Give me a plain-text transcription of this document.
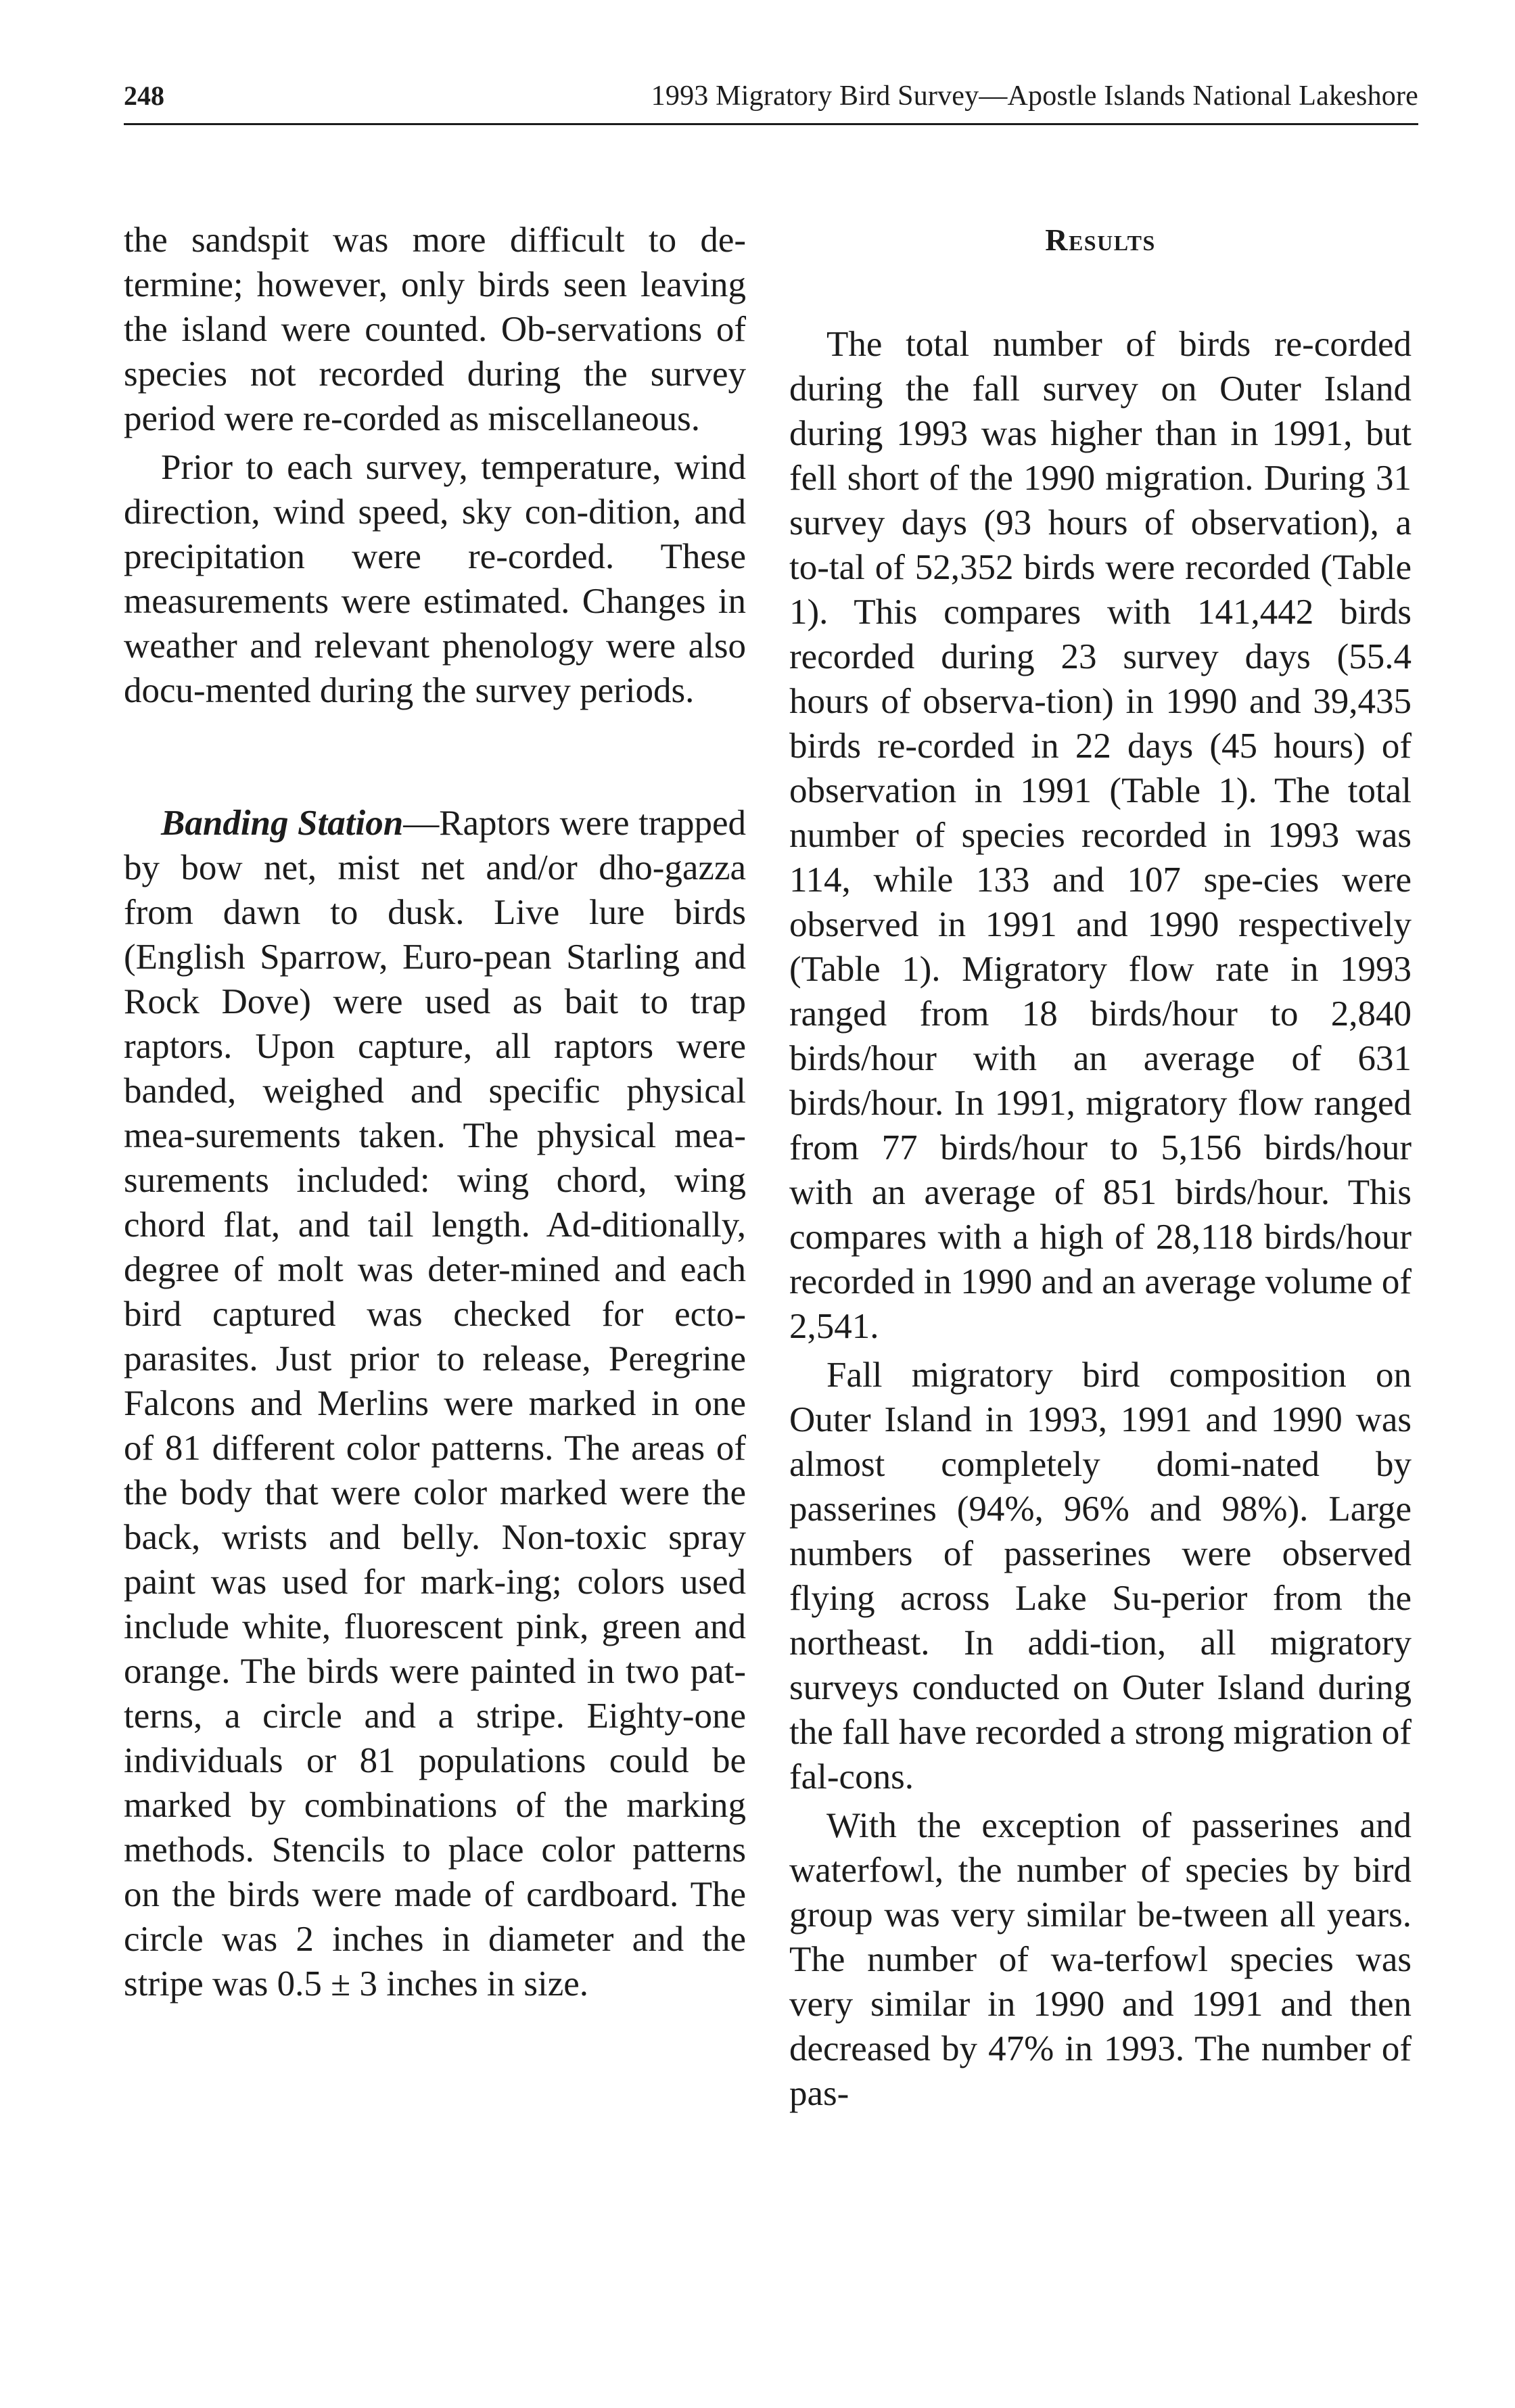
248	1993 Migratory Bird Survey—Apostle Islands National Lakeshore

the sandspit was more difficult to de-termine; however, only birds seen leaving the island were counted. Ob-servations of species not recorded during the survey period were re-corded as miscellaneous.

Prior to each survey, temperature, wind direction, wind speed, sky con-dition, and precipitation were re-corded. These measurements were estimated. Changes in weather and relevant phenology were also docu-mented during the survey periods.

Banding Station—Raptors were trapped by bow net, mist net and/or dho-gazza from dawn to dusk. Live lure birds (English Sparrow, Euro-pean Starling and Rock Dove) were used as bait to trap raptors. Upon capture, all raptors were banded, weighed and specific physical mea-surements taken. The physical mea-surements included: wing chord, wing chord flat, and tail length. Ad-ditionally, degree of molt was deter-mined and each bird captured was checked for ecto-parasites. Just prior to release, Peregrine Falcons and Merlins were marked in one of 81 different color patterns. The areas of the body that were color marked were the back, wrists and belly. Non-toxic spray paint was used for mark-ing; colors used include white, fluorescent pink, green and orange. The birds were painted in two pat-terns, a circle and a stripe. Eighty-one individuals or 81 populations could be marked by combinations of the marking methods. Stencils to place color patterns on the birds were made of cardboard. The circle was 2 inches in diameter and the stripe was 0.5 ± 3 inches in size.

Results

The total number of birds re-corded during the fall survey on Outer Island during 1993 was higher than in 1991, but fell short of the 1990 migration. During 31 survey days (93 hours of observation), a to-tal of 52,352 birds were recorded (Table 1). This compares with 141,442 birds recorded during 23 survey days (55.4 hours of observa-tion) in 1990 and 39,435 birds re-corded in 22 days (45 hours) of observation in 1991 (Table 1). The total number of species recorded in 1993 was 114, while 133 and 107 spe-cies were observed in 1991 and 1990 respectively (Table 1). Migratory flow rate in 1993 ranged from 18 birds/hour to 2,840 birds/hour with an average of 631 birds/hour. In 1991, migratory flow ranged from 77 birds/hour to 5,156 birds/hour with an average of 851 birds/hour. This compares with a high of 28,118 birds/hour recorded in 1990 and an average volume of 2,541.

Fall migratory bird composition on Outer Island in 1993, 1991 and 1990 was almost completely domi-nated by passerines (94%, 96% and 98%). Large numbers of passerines were observed flying across Lake Su-perior from the northeast. In addi-tion, all migratory surveys conducted on Outer Island during the fall have recorded a strong migration of fal-cons.

With the exception of passerines and waterfowl, the number of species by bird group was very similar be-tween all years. The number of wa-terfowl species was very similar in 1990 and 1991 and then decreased by 47% in 1993. The number of pas-
